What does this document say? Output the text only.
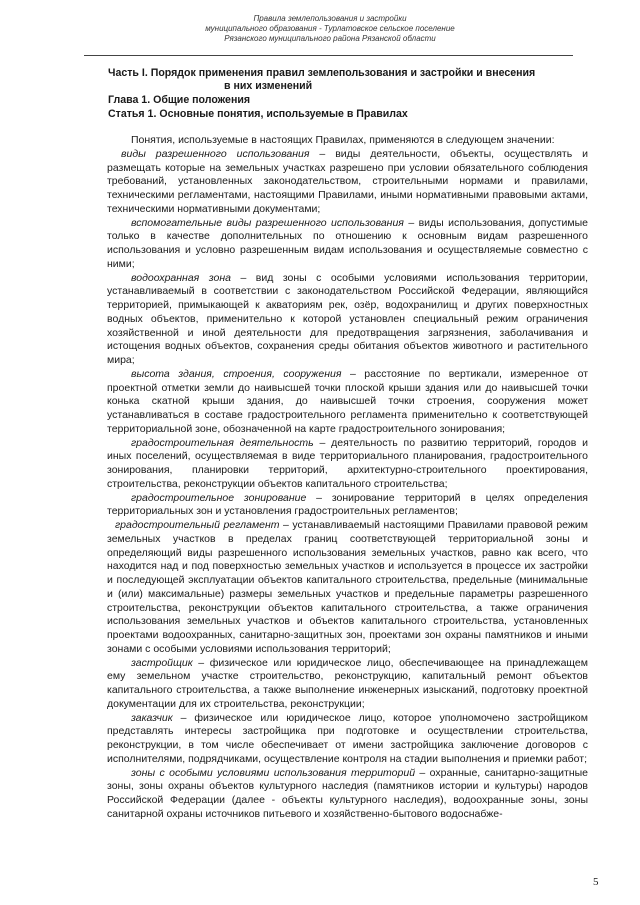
Правила землепользования и застройки
муниципального образования - Турлатовское сельское поселение
Рязанского муниципального района Рязанской области
Часть I. Порядок применения правил землепользования и застройки и внесения
в них изменений
Глава 1. Общие положения
Статья 1. Основные понятия, используемые в Правилах

Понятия, используемые в настоящих Правилах, применяются в следующем значении:

виды разрешенного использования – виды деятельности, объекты, осуществлять и размещать которые на земельных участках разрешено при условии обязательного соблюдения требований, установленных законодательством, строительными нормами и правилами, техническими регламентами, настоящими Правилами, иными нормативными правовыми актами, техническими нормативными документами;

вспомогательные виды разрешенного использования – виды использования, допустимые только в качестве дополнительных по отношению к основным видам разрешенного использования и условно разрешенным видам использования и осуществляемые совместно с ними;

водоохранная зона – вид зоны с особыми условиями использования территории, устанавливаемый в соответствии с законодательством Российской Федерации, являющийся территорией, примыкающей к акваториям рек, озёр, водохранилищ и других поверхностных водных объектов, применительно к которой установлен специальный режим ограничения хозяйственной и иной деятельности для предотвращения загрязнения, заболачивания и истощения водных объектов, сохранения среды обитания объектов животного и растительного мира;

высота здания, строения, сооружения – расстояние по вертикали, измеренное от проектной отметки земли до наивысшей точки плоской крыши здания или до наивысшей точки конька скатной крыши здания, до наивысшей точки строения, сооружения может устанавливаться в составе градостроительного регламента применительно к соответствующей территориальной зоне, обозначенной на карте градостроительного зонирования;

градостроительная деятельность – деятельность по развитию территорий, городов и иных поселений, осуществляемая в виде территориального планирования, градостроительного зонирования, планировки территорий, архитектурно-строительного проектирования, строительства, реконструкции объектов капитального строительства;

градостроительное зонирование – зонирование территорий в целях определения территориальных зон и установления градостроительных регламентов;

градостроительный регламент – устанавливаемый настоящими Правилами правовой режим земельных участков в пределах границ соответствующей территориальной зоны и определяющий виды разрешенного использования земельных участков, равно как всего, что находится над и под поверхностью земельных участков и используется в процессе их застройки и последующей эксплуатации объектов капитального строительства, предельные (минимальные и (или) максимальные) размеры земельных участков и предельные параметры разрешенного строительства, реконструкции объектов капитального строительства, а также ограничения использования земельных участков и объектов капитального строительства, установленных проектами водоохранных, санитарно-защитных зон, проектами зон охраны памятников и иными зонами с особыми условиями использования территорий;

застройщик – физическое или юридическое лицо, обеспечивающее на принадлежащем ему земельном участке строительство, реконструкцию, капитальный ремонт объектов капитального строительства, а также выполнение инженерных изысканий, подготовку проектной документации для их строительства, реконструкции;

заказчик – физическое или юридическое лицо, которое уполномочено застройщиком представлять интересы застройщика при подготовке и осуществлении строительства, реконструкции, в том числе обеспечивает от имени застройщика заключение договоров с исполнителями, подрядчиками, осуществление контроля на стадии выполнения и приемки работ;

зоны с особыми условиями использования территорий – охранные, санитарно-защитные зоны, зоны охраны объектов культурного наследия (памятников истории и культуры) народов Российской Федерации (далее - объекты культурного наследия), водоохранные зоны, зоны санитарной охраны источников питьевого и хозяйственно-бытового водоснабже-

5
